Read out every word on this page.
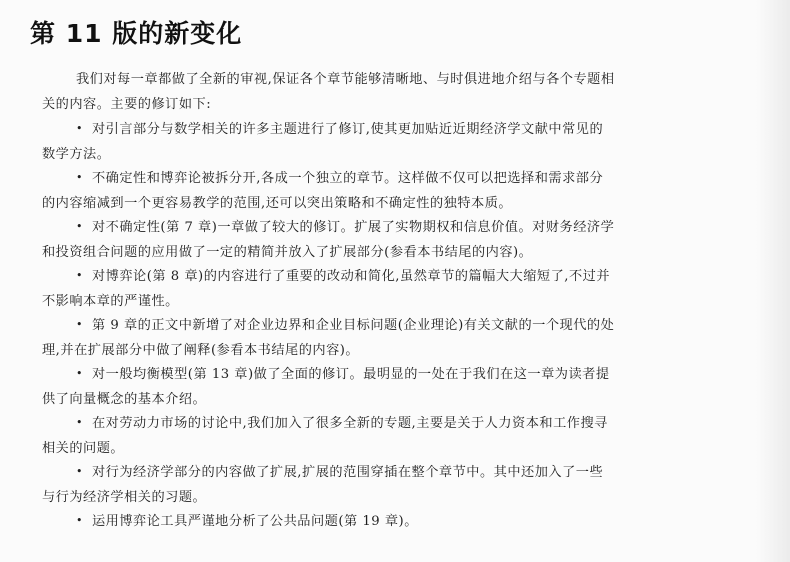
第 11 版的新变化
我们对每一章都做了全新的审视,保证各个章节能够清晰地、与时俱进地介绍与各个专题相
关的内容。主要的修订如下:
• 对引言部分与数学相关的许多主题进行了修订,使其更加贴近近期经济学文献中常见的
数学方法。
• 不确定性和博弈论被拆分开,各成一个独立的章节。这样做不仅可以把选择和需求部分
的内容缩减到一个更容易教学的范围,还可以突出策略和不确定性的独特本质。
• 对不确定性(第 7 章)一章做了较大的修订。扩展了实物期权和信息价值。对财务经济学
和投资组合问题的应用做了一定的精简并放入了扩展部分(参看本书结尾的内容)。
• 对博弈论(第 8 章)的内容进行了重要的改动和简化,虽然章节的篇幅大大缩短了,不过并
不影响本章的严谨性。
• 第 9 章的正文中新增了对企业边界和企业目标问题(企业理论)有关文献的一个现代的处
理,并在扩展部分中做了阐释(参看本书结尾的内容)。
• 对一般均衡模型(第 13 章)做了全面的修订。最明显的一处在于我们在这一章为读者提
供了向量概念的基本介绍。
• 在对劳动力市场的讨论中,我们加入了很多全新的专题,主要是关于人力资本和工作搜寻
相关的问题。
• 对行为经济学部分的内容做了扩展,扩展的范围穿插在整个章节中。其中还加入了一些
与行为经济学相关的习题。
• 运用博弈论工具严谨地分析了公共品问题(第 19 章)。
